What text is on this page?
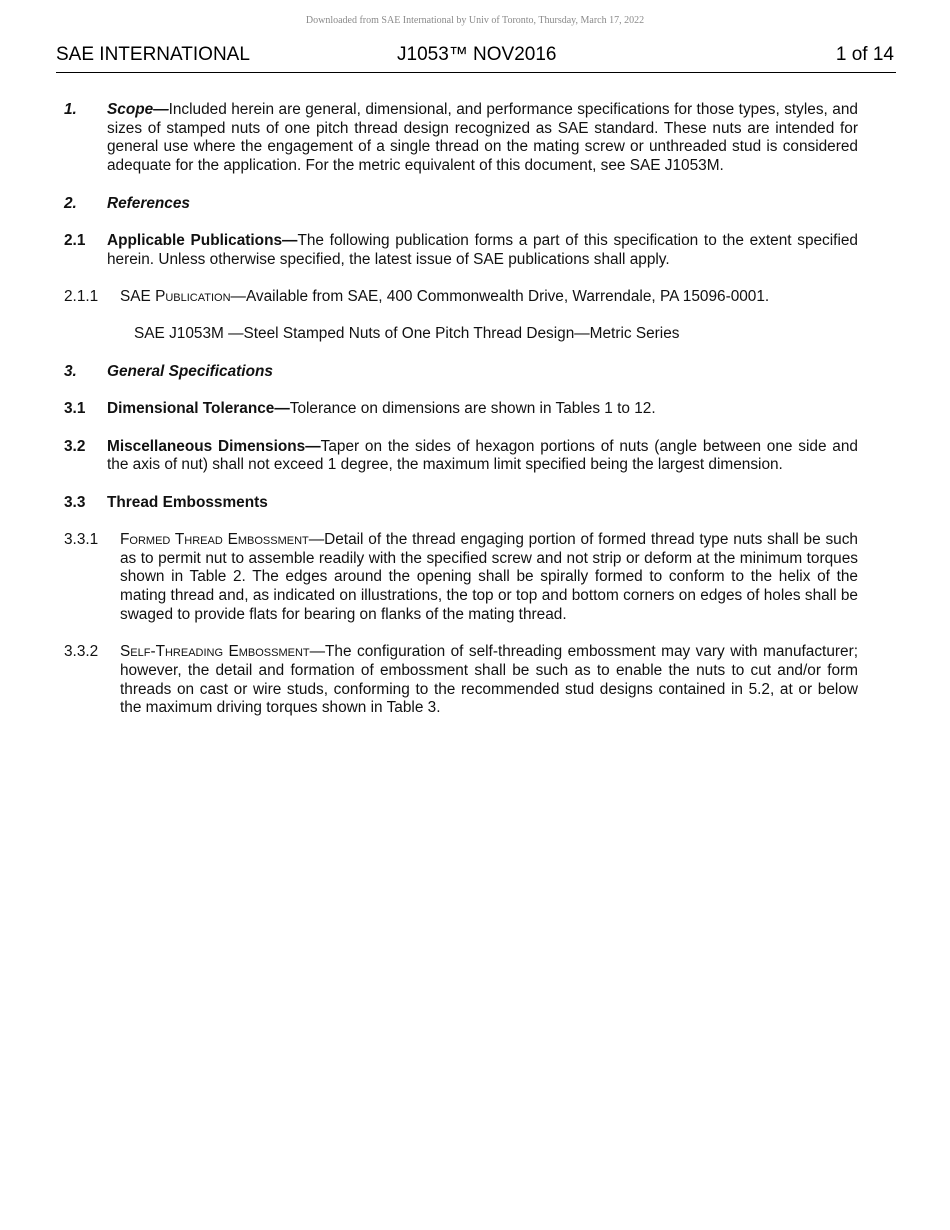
Downloaded from SAE International by Univ of Toronto, Thursday, March 17, 2022
SAE INTERNATIONAL	J1053™ NOV2016	1 of 14
1.	Scope—Included herein are general, dimensional, and performance specifications for those types, styles, and sizes of stamped nuts of one pitch thread design recognized as SAE standard. These nuts are intended for general use where the engagement of a single thread on the mating screw or unthreaded stud is considered adequate for the application. For the metric equivalent of this document, see SAE J1053M.
2.	References
2.1	Applicable Publications—The following publication forms a part of this specification to the extent specified herein. Unless otherwise specified, the latest issue of SAE publications shall apply.
2.1.1	SAE Publication—Available from SAE, 400 Commonwealth Drive, Warrendale, PA 15096-0001.
SAE J1053M —Steel Stamped Nuts of One Pitch Thread Design—Metric Series
3.	General Specifications
3.1	Dimensional Tolerance—Tolerance on dimensions are shown in Tables 1 to 12.
3.2	Miscellaneous Dimensions—Taper on the sides of hexagon portions of nuts (angle between one side and the axis of nut) shall not exceed 1 degree, the maximum limit specified being the largest dimension.
3.3	Thread Embossments
3.3.1	Formed Thread Embossment—Detail of the thread engaging portion of formed thread type nuts shall be such as to permit nut to assemble readily with the specified screw and not strip or deform at the minimum torques shown in Table 2. The edges around the opening shall be spirally formed to conform to the helix of the mating thread and, as indicated on illustrations, the top or top and bottom corners on edges of holes shall be swaged to provide flats for bearing on flanks of the mating thread.
3.3.2	Self-Threading Embossment—The configuration of self-threading embossment may vary with manufacturer; however, the detail and formation of embossment shall be such as to enable the nuts to cut and/or form threads on cast or wire studs, conforming to the recommended stud designs contained in 5.2, at or below the maximum driving torques shown in Table 3.
